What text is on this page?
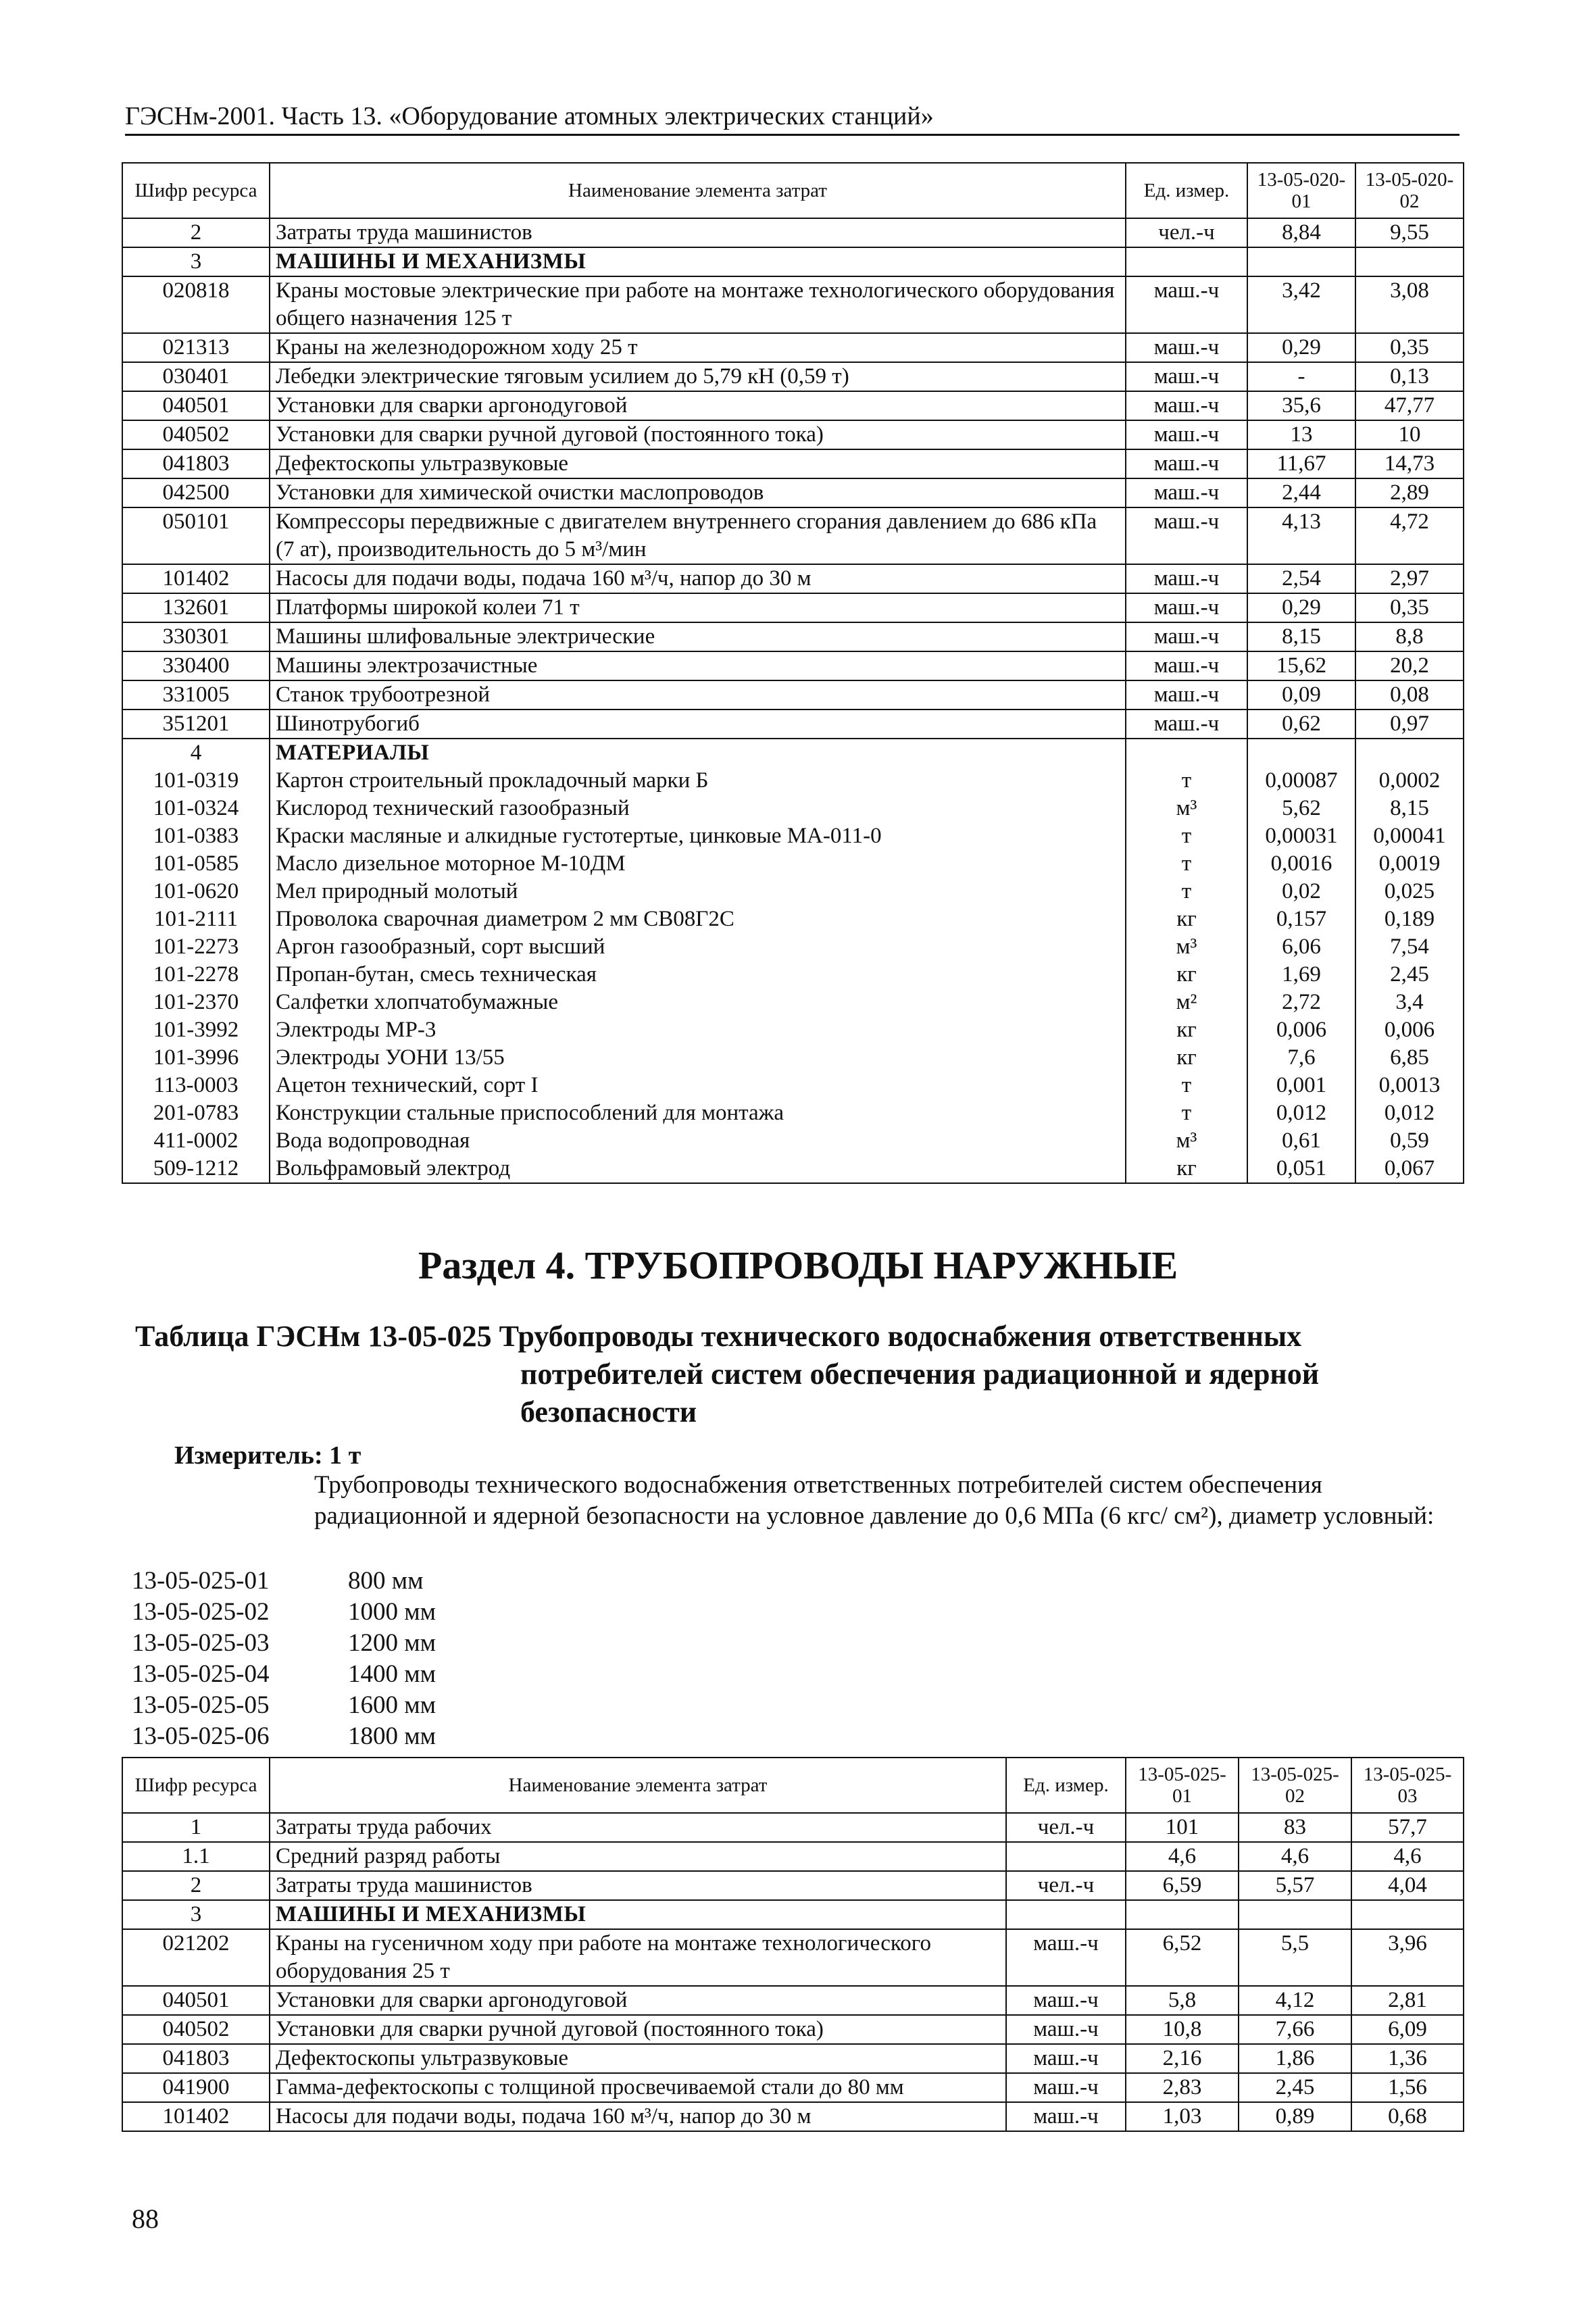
ГЭСНм-2001. Часть 13. «Оборудование атомных электрических станций»
Шифр ресурса	Наименование элемента затрат	Ед. измер.	13-05-020-01	13-05-020-02
2	Затраты труда машинистов	чел.-ч	8,84	9,55
3	МАШИНЫ И МЕХАНИЗМЫ			
020818	Краны мостовые электрические при работе на монтаже технологического оборудования общего назначения 125 т	маш.-ч	3,42	3,08
021313	Краны на железнодорожном ходу 25 т	маш.-ч	0,29	0,35
030401	Лебедки электрические тяговым усилием до 5,79 кН (0,59 т)	маш.-ч	-	0,13
040501	Установки для сварки аргонодуговой	маш.-ч	35,6	47,77
040502	Установки для сварки ручной дуговой (постоянного тока)	маш.-ч	13	10
041803	Дефектоскопы ультразвуковые	маш.-ч	11,67	14,73
042500	Установки для химической очистки маслопроводов	маш.-ч	2,44	2,89
050101	Компрессоры передвижные с двигателем внутреннего сгорания давлением до 686 кПа (7 ат), производительность до 5 м³/мин	маш.-ч	4,13	4,72
101402	Насосы для подачи воды, подача 160 м³/ч, напор до 30 м	маш.-ч	2,54	2,97
132601	Платформы широкой колеи 71 т	маш.-ч	0,29	0,35
330301	Машины шлифовальные электрические	маш.-ч	8,15	8,8
330400	Машины электрозачистные	маш.-ч	15,62	20,2
331005	Станок трубоотрезной	маш.-ч	0,09	0,08
351201	Шинотрубогиб	маш.-ч	0,62	0,97
4	МАТЕРИАЛЫ			
101-0319	Картон строительный прокладочный марки Б	т	0,00087	0,0002
101-0324	Кислород технический газообразный	м³	5,62	8,15
101-0383	Краски масляные и алкидные густотертые, цинковые МА-011-0	т	0,00031	0,00041
101-0585	Масло дизельное моторное М-10ДМ	т	0,0016	0,0019
101-0620	Мел природный молотый	т	0,02	0,025
101-2111	Проволока сварочная диаметром 2 мм СВ08Г2С	кг	0,157	0,189
101-2273	Аргон газообразный, сорт высший	м³	6,06	7,54
101-2278	Пропан-бутан, смесь техническая	кг	1,69	2,45
101-2370	Салфетки хлопчатобумажные	м²	2,72	3,4
101-3992	Электроды МР-3	кг	0,006	0,006
101-3996	Электроды УОНИ 13/55	кг	7,6	6,85
113-0003	Ацетон технический, сорт I	т	0,001	0,0013
201-0783	Конструкции стальные приспособлений для монтажа	т	0,012	0,012
411-0002	Вода водопроводная	м³	0,61	0,59
509-1212	Вольфрамовый электрод	кг	0,051	0,067
Раздел 4. ТРУБОПРОВОДЫ НАРУЖНЫЕ
Таблица ГЭСНм 13-05-025 Трубопроводы технического водоснабжения ответственных
потребителей систем обеспечения радиационной и ядерной безопасности
Измеритель: 1 т
Трубопроводы технического водоснабжения ответственных потребителей систем обеспечения радиационной и ядерной безопасности на условное давление до 0,6 МПа (6 кгс/ см²), диаметр условный:
13-05-025-01	800 мм
13-05-025-02	1000 мм
13-05-025-03	1200 мм
13-05-025-04	1400 мм
13-05-025-05	1600 мм
13-05-025-06	1800 мм
Шифр ресурса	Наименование элемента затрат	Ед. измер.	13-05-025-01	13-05-025-02	13-05-025-03
1	Затраты труда рабочих	чел.-ч	101	83	57,7
1.1	Средний разряд работы		4,6	4,6	4,6
2	Затраты труда машинистов	чел.-ч	6,59	5,57	4,04
3	МАШИНЫ И МЕХАНИЗМЫ				
021202	Краны на гусеничном ходу при работе на монтаже технологического оборудования 25 т	маш.-ч	6,52	5,5	3,96
040501	Установки для сварки аргонодуговой	маш.-ч	5,8	4,12	2,81
040502	Установки для сварки ручной дуговой (постоянного тока)	маш.-ч	10,8	7,66	6,09
041803	Дефектоскопы ультразвуковые	маш.-ч	2,16	1,86	1,36
041900	Гамма-дефектоскопы с толщиной просвечиваемой стали до 80 мм	маш.-ч	2,83	2,45	1,56
101402	Насосы для подачи воды, подача 160 м³/ч, напор до 30 м	маш.-ч	1,03	0,89	0,68
88
